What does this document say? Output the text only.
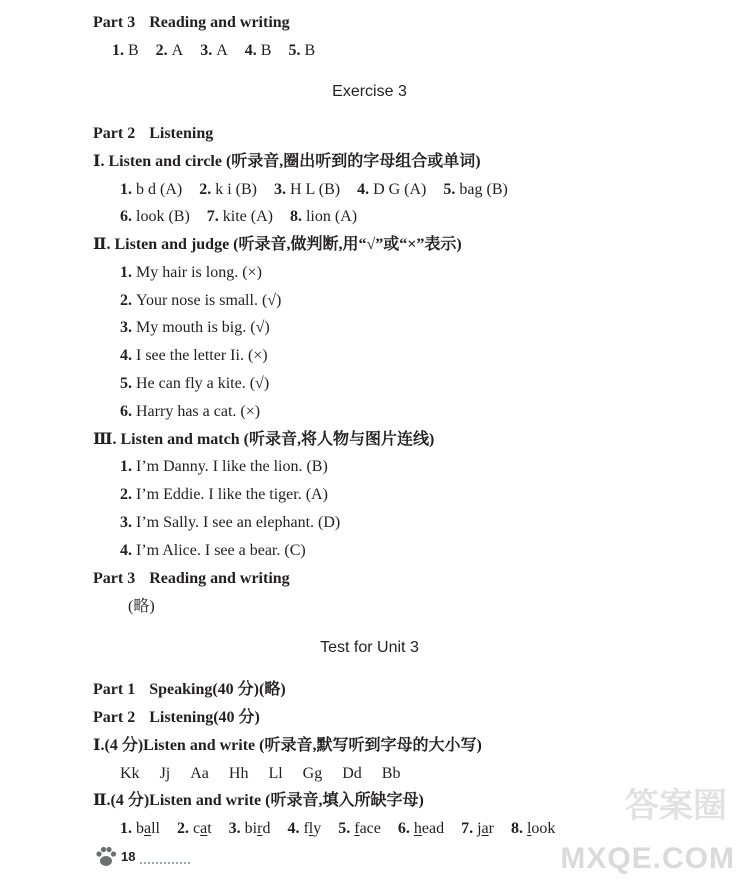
Part 3 Reading and writing
1. B 2. A 3. A 4. B 5. B
Exercise 3
Part 2 Listening
Ⅰ. Listen and circle (听录音,圈出听到的字母组合或单词)
1. b d (A) 2. k i (B) 3. H L (B) 4. D G (A) 5. bag (B)
6. look (B) 7. kite (A) 8. lion (A)
Ⅱ. Listen and judge (听录音,做判断,用“√”或“×”表示)
1. My hair is long. (×)
2. Your nose is small. (√)
3. My mouth is big. (√)
4. I see the letter Ii. (×)
5. He can fly a kite. (√)
6. Harry has a cat. (×)
Ⅲ. Listen and match (听录音,将人物与图片连线)
1. I’m Danny. I like the lion. (B)
2. I’m Eddie. I like the tiger. (A)
3. I’m Sally. I see an elephant. (D)
4. I’m Alice. I see a bear. (C)
Part 3 Reading and writing
(略)
Test for Unit 3
Part 1 Speaking(40 分)(略)
Part 2 Listening(40 分)
Ⅰ.(4 分)Listen and write (听录音,默写听到字母的大小写)
Kk Jj Aa Hh Ll Gg Dd Bb
Ⅱ.(4 分)Listen and write (听录音,填入所缺字母)
1. ball 2. cat 3. bird 4. fly 5. face 6. head 7. jar 8. look
18
答案圈
MXQE.COM
